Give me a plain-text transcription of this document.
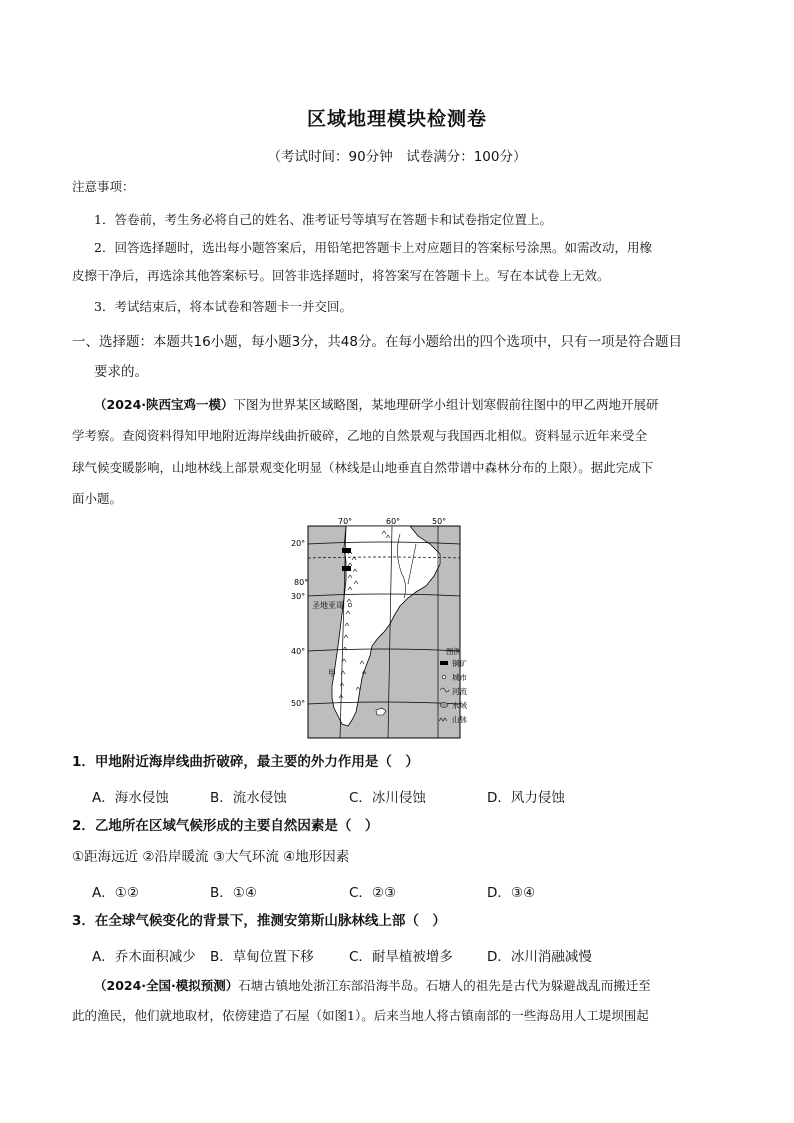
区域地理模块检测卷
（考试时间：90分钟　试卷满分：100分）
注意事项：
1．答卷前，考生务必将自己的姓名、准考证号等填写在答题卡和试卷指定位置上。
2．回答选择题时，选出每小题答案后，用铅笔把答题卡上对应题目的答案标号涂黑。如需改动，用橡
皮擦干净后，再选涂其他答案标号。回答非选择题时，将答案写在答题卡上。写在本试卷上无效。
3．考试结束后，将本试卷和答题卡一并交回。
一、选择题：本题共16小题，每小题3分，共48分。在每小题给出的四个选项中，只有一项是符合题目
要求的。
（2024·陕西宝鸡一模）下图为世界某区域略图，某地理研学小组计划寒假前往图中的甲乙两地开展研
学考察。查阅资料得知甲地附近海岸线曲折破碎，乙地的自然景观与我国西北相似。资料显示近年来受全
球气候变暖影响，山地林线上部景观变化明显（林线是山地垂直自然带谱中森林分布的上限）。据此完成下
面小题。
70°	60°	50°
20°
80°
30°
40°
50°
圣地亚哥
甲
图例
铜矿
城市
河流
水域
山脉
1．甲地附近海岸线曲折破碎，最主要的外力作用是（　）
A．海水侵蚀	B．流水侵蚀	C．冰川侵蚀	D．风力侵蚀
2．乙地所在区域气候形成的主要自然因素是（　）
①距海远近 ②沿岸暖流 ③大气环流 ④地形因素
A．①②	B．①④	C．②③	D．③④
3．在全球气候变化的背景下，推测安第斯山脉林线上部（　）
A．乔木面积减少 B．草甸位置下移	C．耐旱植被增多	D．冰川消融减慢
（2024·全国·模拟预测）石塘古镇地处浙江东部沿海半岛。石塘人的祖先是古代为躲避战乱而搬迁至
此的渔民，他们就地取材，依傍建造了石屋（如图1）。后来当地人将古镇南部的一些海岛用人工堤坝围起
